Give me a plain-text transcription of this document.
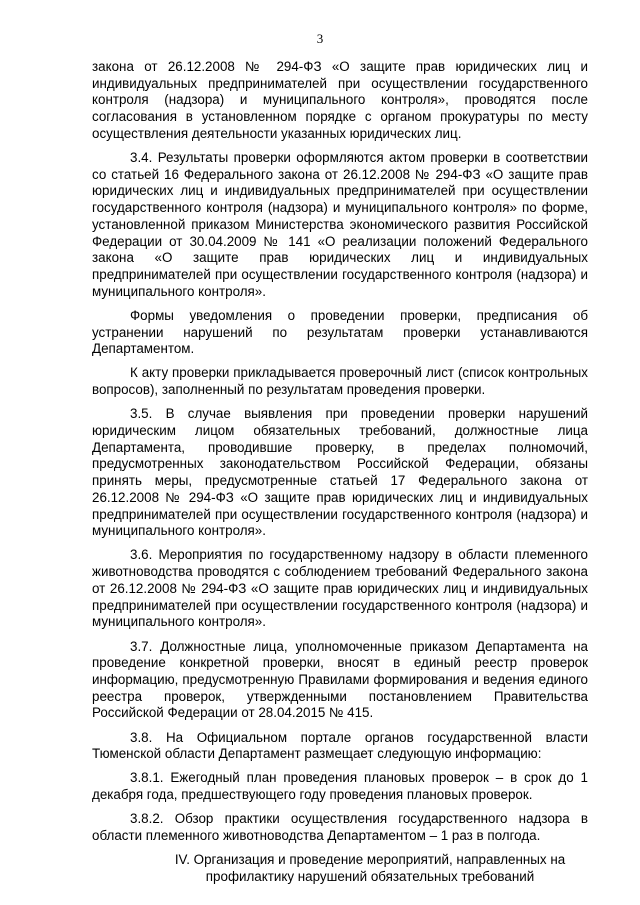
3

закона от 26.12.2008 № 294-ФЗ «О защите прав юридических лиц и индивидуальных предпринимателей при осуществлении государственного контроля (надзора) и муниципального контроля», проводятся после согласования в установленном порядке с органом прокуратуры по месту осуществления деятельности указанных юридических лиц.

3.4. Результаты проверки оформляются актом проверки в соответствии со статьей 16 Федерального закона от 26.12.2008 № 294-ФЗ «О защите прав юридических лиц и индивидуальных предпринимателей при осуществлении государственного контроля (надзора) и муниципального контроля» по форме, установленной приказом Министерства экономического развития Российской Федерации от 30.04.2009 № 141 «О реализации положений Федерального закона «О защите прав юридических лиц и индивидуальных предпринимателей при осуществлении государственного контроля (надзора) и муниципального контроля».

Формы уведомления о проведении проверки, предписания об устранении нарушений по результатам проверки устанавливаются Департаментом.

К акту проверки прикладывается проверочный лист (список контрольных вопросов), заполненный по результатам проведения проверки.

3.5. В случае выявления при проведении проверки нарушений юридическим лицом обязательных требований, должностные лица Департамента, проводившие проверку, в пределах полномочий, предусмотренных законодательством Российской Федерации, обязаны принять меры, предусмотренные статьей 17 Федерального закона от 26.12.2008 № 294-ФЗ «О защите прав юридических лиц и индивидуальных предпринимателей при осуществлении государственного контроля (надзора) и муниципального контроля».

3.6. Мероприятия по государственному надзору в области племенного животноводства проводятся с соблюдением требований Федерального закона от 26.12.2008 № 294-ФЗ «О защите прав юридических лиц и индивидуальных предпринимателей при осуществлении государственного контроля (надзора) и муниципального контроля».

3.7. Должностные лица, уполномоченные приказом Департамента на проведение конкретной проверки, вносят в единый реестр проверок информацию, предусмотренную Правилами формирования и ведения единого реестра проверок, утвержденными постановлением Правительства Российской Федерации от 28.04.2015 № 415.

3.8. На Официальном портале органов государственной власти Тюменской области Департамент размещает следующую информацию:

3.8.1. Ежегодный план проведения плановых проверок – в срок до 1 декабря года, предшествующего году проведения плановых проверок.

3.8.2. Обзор практики осуществления государственного надзора в области племенного животноводства Департаментом – 1 раз в полгода.

IV. Организация и проведение мероприятий, направленных на
профилактику нарушений обязательных требований
